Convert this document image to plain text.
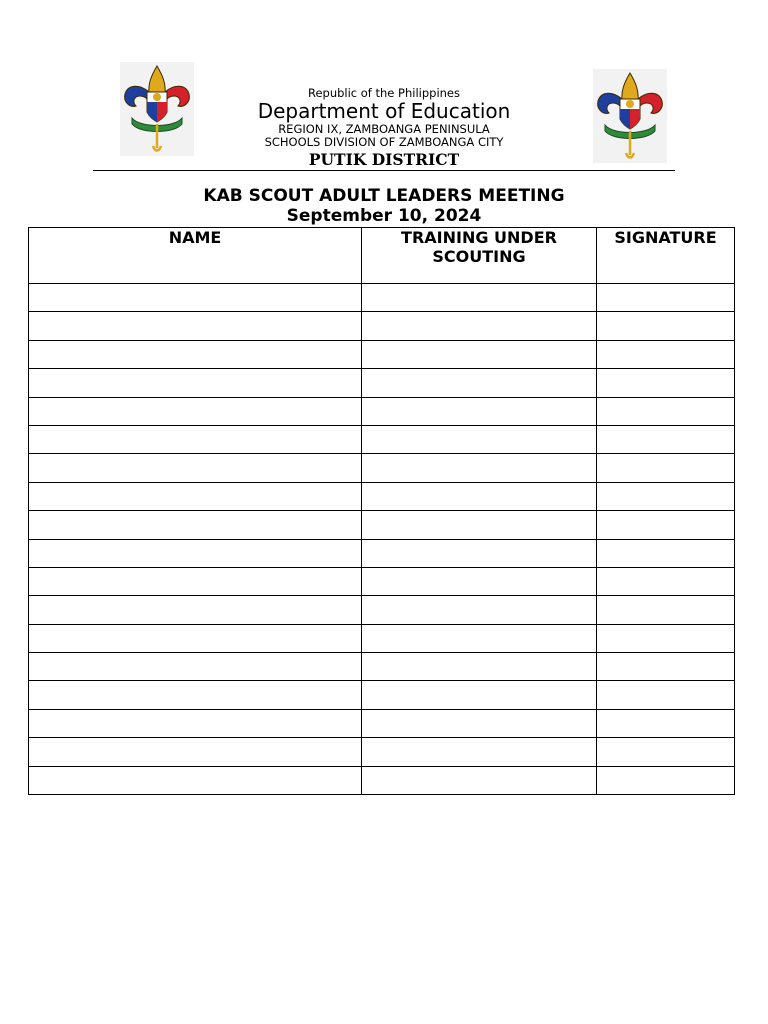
Republic of the Philippines
Department of Education
REGION IX, ZAMBOANGA PENINSULA
SCHOOLS DIVISION OF ZAMBOANGA CITY
PUTIK DISTRICT
KAB SCOUT ADULT LEADERS MEETING
September 10, 2024
NAME	TRAINING UNDER SCOUTING	SIGNATURE
